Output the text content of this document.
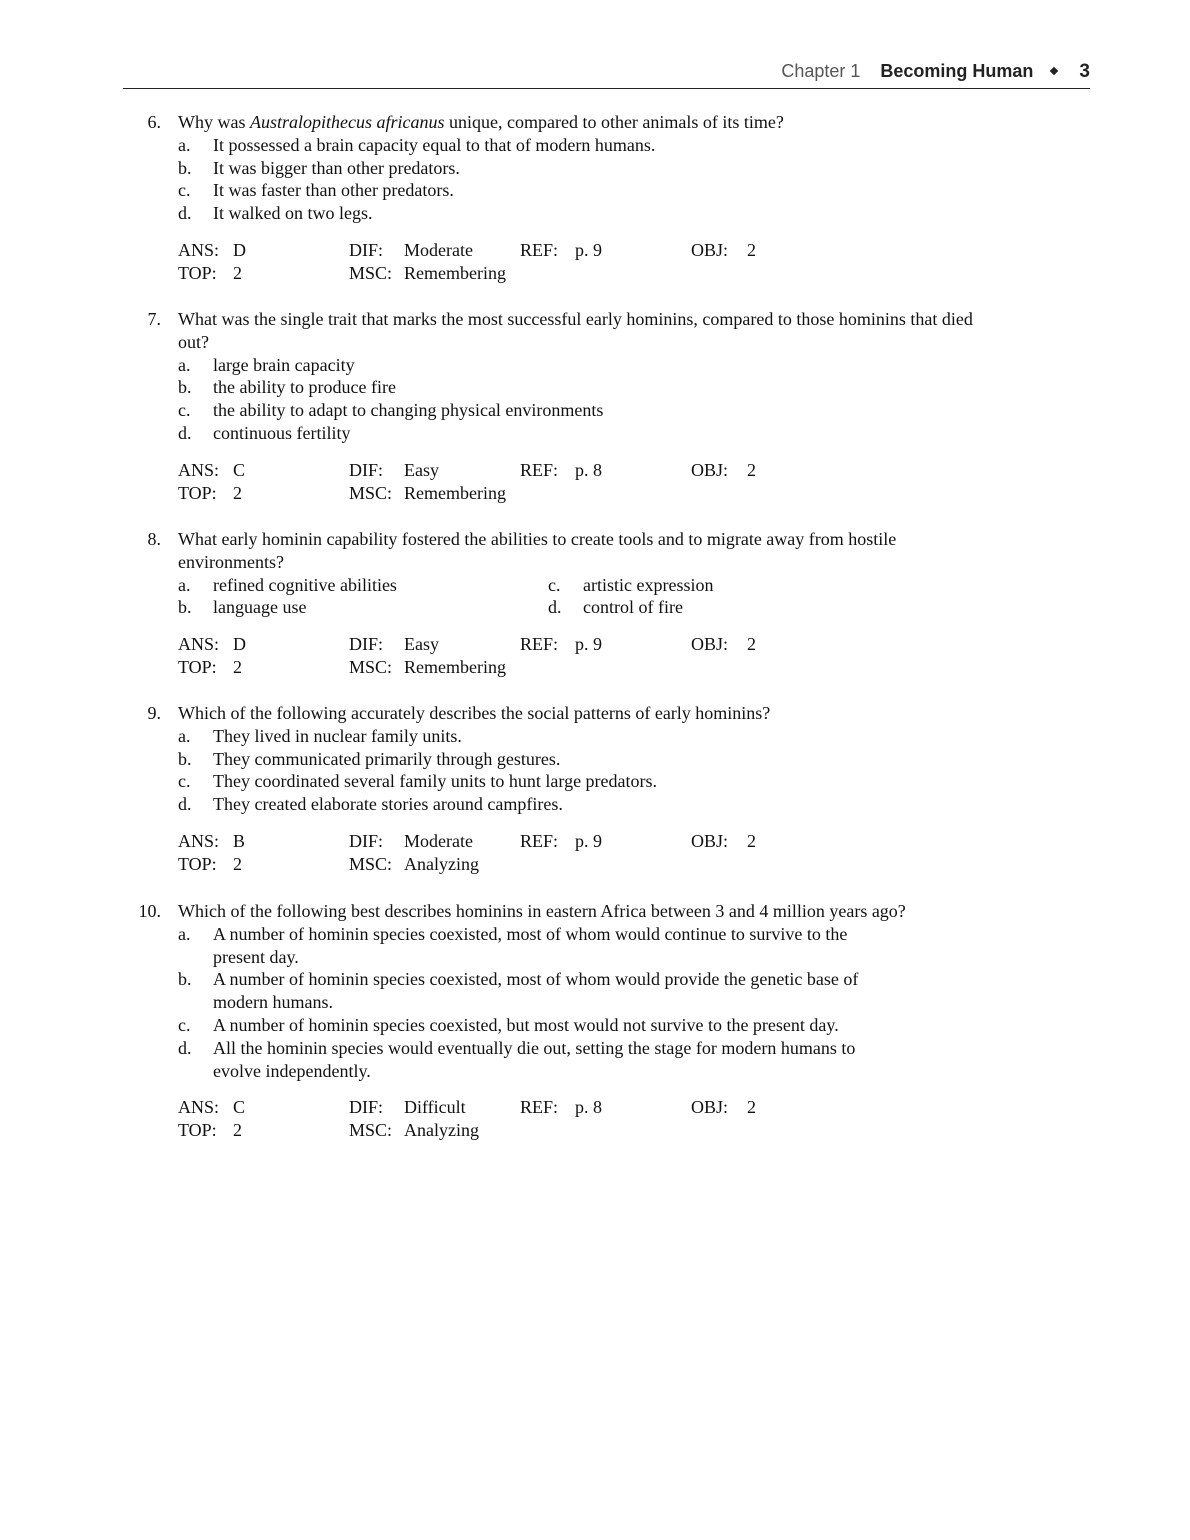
Chapter 1 Becoming Human 3
6. Why was Australopithecus africanus unique, compared to other animals of its time?
a.	It possessed a brain capacity equal to that of modern humans.
b.	It was bigger than other predators.
c.	It was faster than other predators.
d.	It walked on two legs.
ANS: D	DIF: Moderate	REF: p. 9	OBJ: 2
TOP: 2	MSC: Remembering
7. What was the single trait that marks the most successful early hominins, compared to those hominins that died out?
a.	large brain capacity
b.	the ability to produce fire
c.	the ability to adapt to changing physical environments
d.	continuous fertility
ANS: C	DIF: Easy	REF: p. 8	OBJ: 2
TOP: 2	MSC: Remembering
8. What early hominin capability fostered the abilities to create tools and to migrate away from hostile environments?
a.	refined cognitive abilities	c.	artistic expression
b.	language use	d.	control of fire
ANS: D	DIF: Easy	REF: p. 9	OBJ: 2
TOP: 2	MSC: Remembering
9. Which of the following accurately describes the social patterns of early hominins?
a.	They lived in nuclear family units.
b.	They communicated primarily through gestures.
c.	They coordinated several family units to hunt large predators.
d.	They created elaborate stories around campfires.
ANS: B	DIF: Moderate	REF: p. 9	OBJ: 2
TOP: 2	MSC: Analyzing
10. Which of the following best describes hominins in eastern Africa between 3 and 4 million years ago?
a.	A number of hominin species coexisted, most of whom would continue to survive to the present day.
b.	A number of hominin species coexisted, most of whom would provide the genetic base of modern humans.
c.	A number of hominin species coexisted, but most would not survive to the present day.
d.	All the hominin species would eventually die out, setting the stage for modern humans to evolve independently.
ANS: C	DIF: Difficult	REF: p. 8	OBJ: 2
TOP: 2	MSC: Analyzing
